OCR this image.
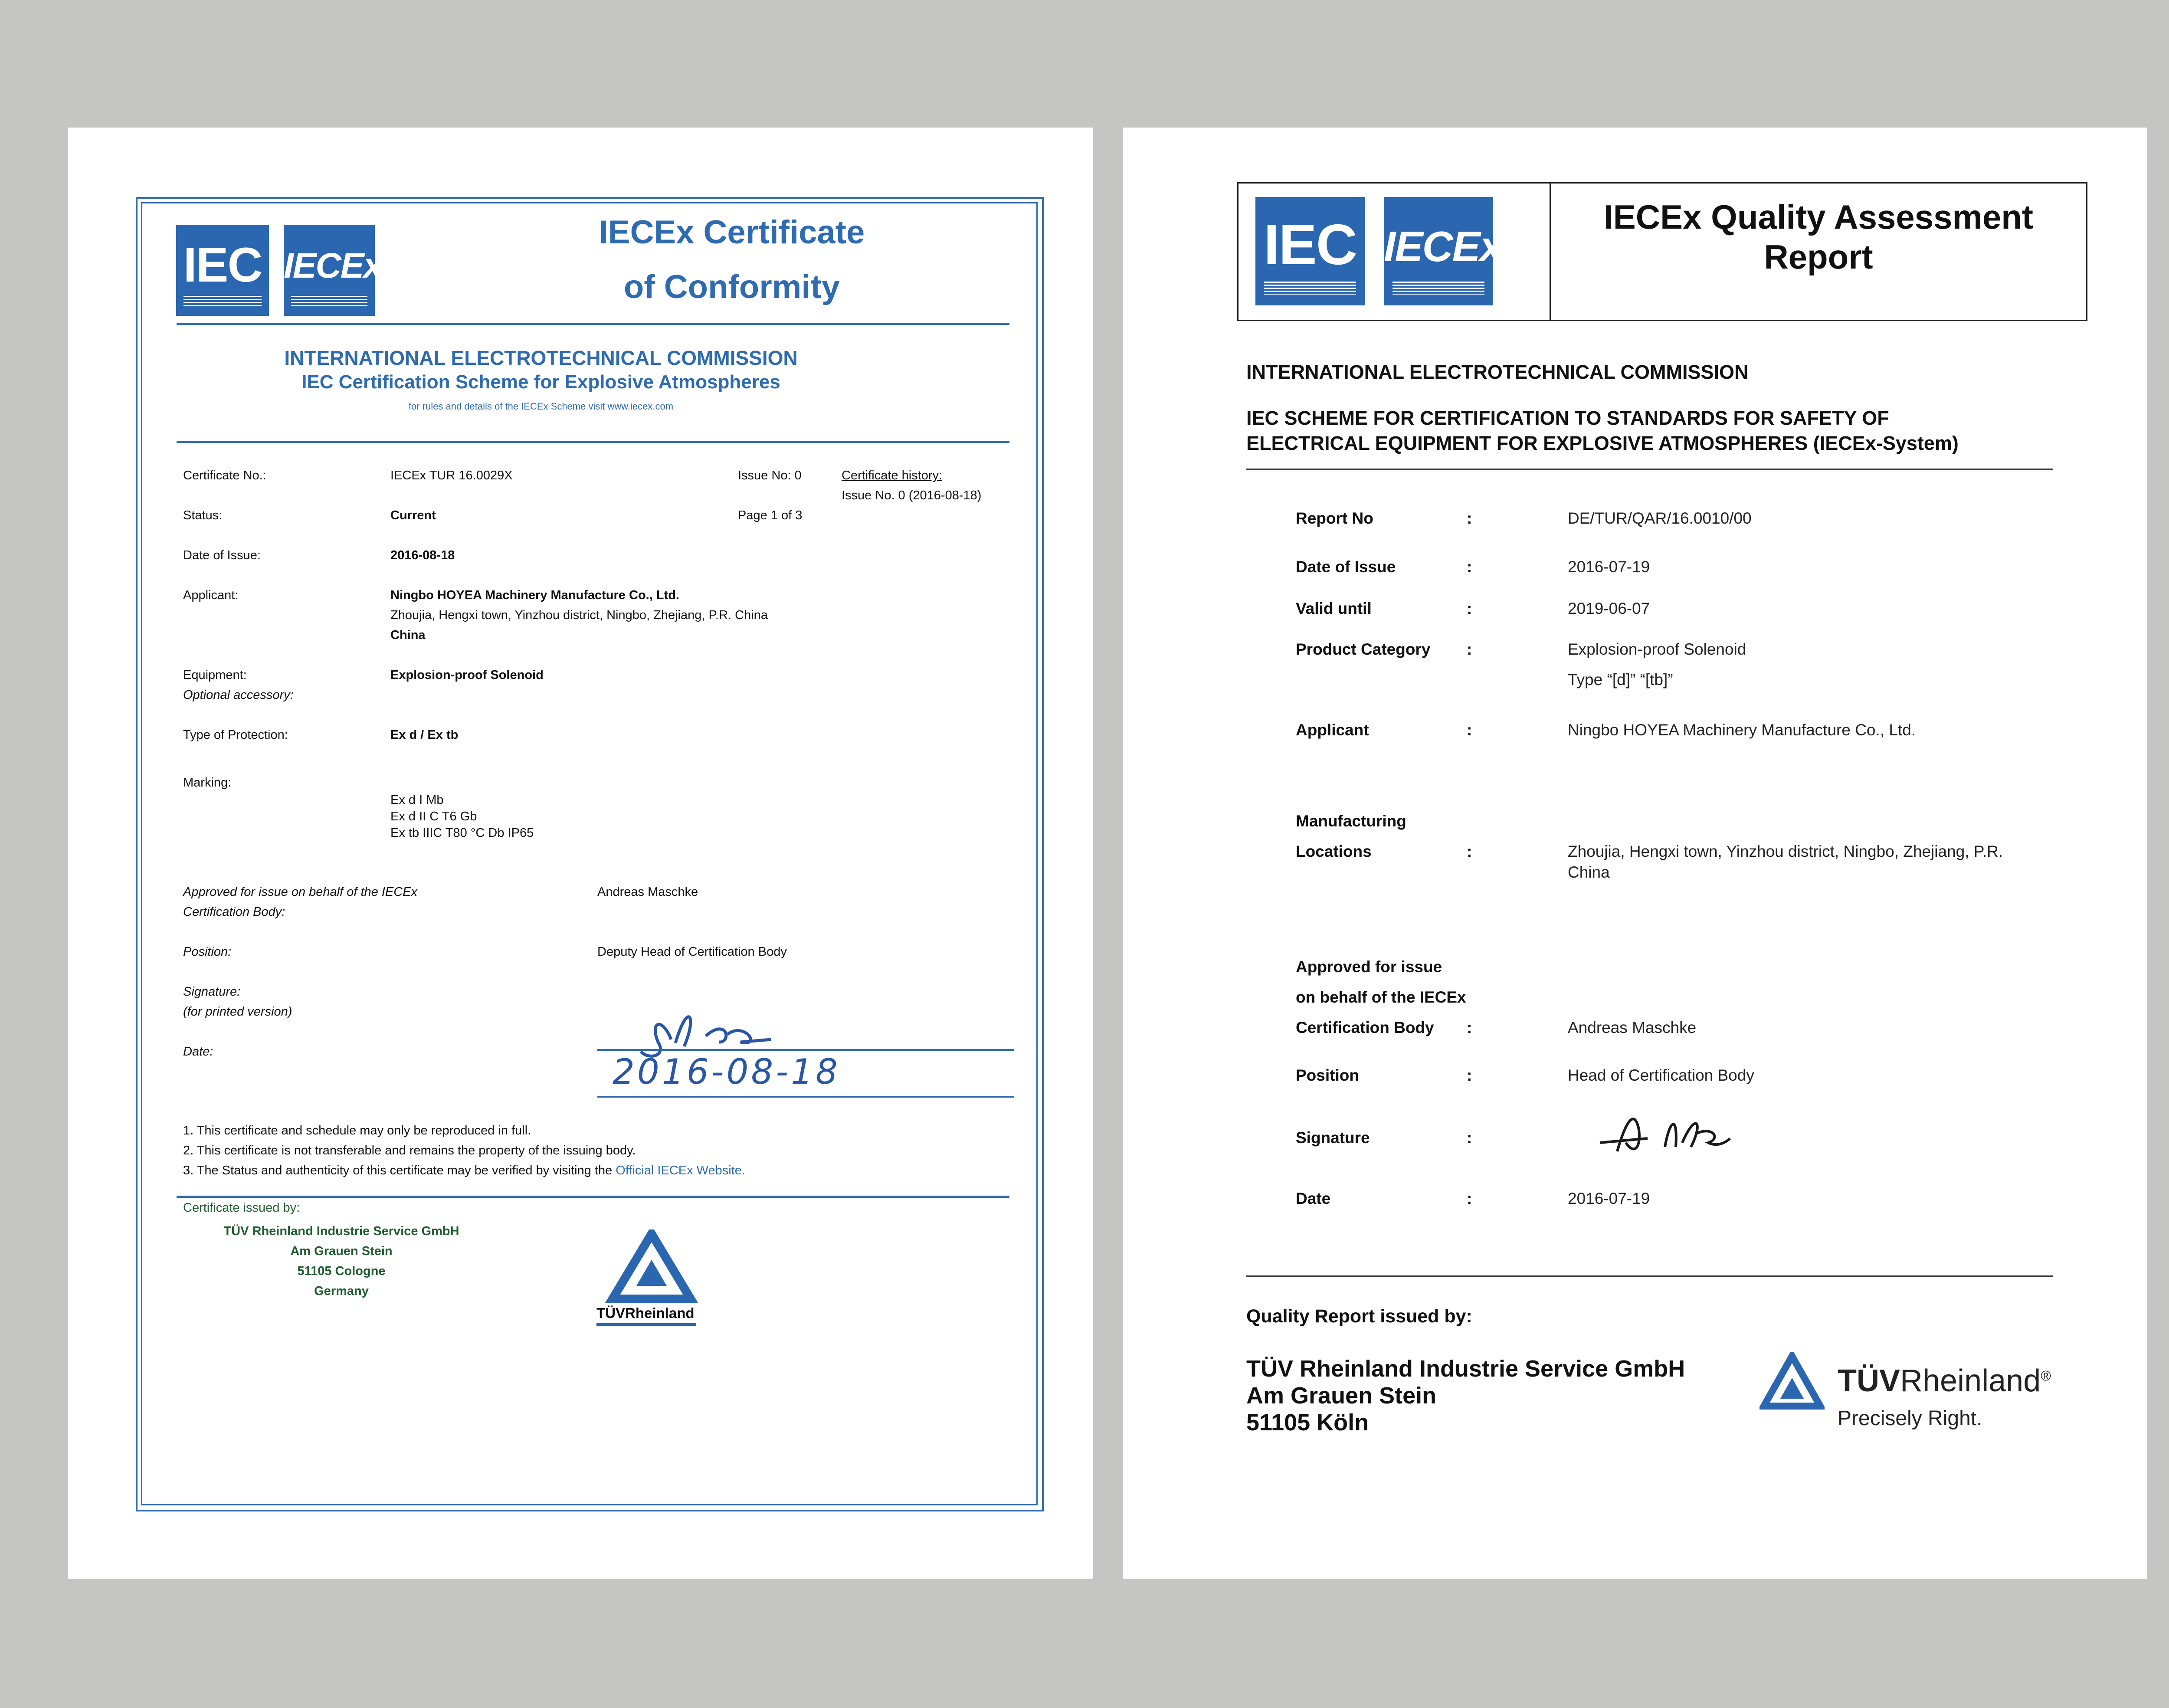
IEC IECEx
IECEx Certificate
of Conformity
INTERNATIONAL ELECTROTECHNICAL COMMISSION
IEC Certification Scheme for Explosive Atmospheres
for rules and details of the IECEx Scheme visit www.iecex.com
Certificate No.:	IECEx TUR 16.0029X	Issue No: 0	Certificate history:
Issue No. 0 (2016-08-18)
Status:	Current	Page 1 of 3
Date of Issue:	2016-08-18
Applicant:	Ningbo HOYEA Machinery Manufacture Co., Ltd.
Zhoujia, Hengxi town, Yinzhou district, Ningbo, Zhejiang, P.R. China
China
Equipment:	Explosion-proof Solenoid
Optional accessory:
Type of Protection:	Ex d / Ex tb
Marking:
Ex d I Mb
Ex d II C T6 Gb
Ex tb IIIC T80 °C Db IP65
Approved for issue on behalf of the IECEx
Certification Body:
Andreas Maschke
Position:	Deputy Head of Certification Body
Signature:
(for printed version)
Date:	2016-08-18
1. This certificate and schedule may only be reproduced in full.
2. This certificate is not transferable and remains the property of the issuing body.
3. The Status and authenticity of this certificate may be verified by visiting the Official IECEx Website.
Certificate issued by:
TÜV Rheinland Industrie Service GmbH
Am Grauen Stein
51105 Cologne
Germany
TÜVRheinland
IEC IECEx
IECEx Quality Assessment
Report
INTERNATIONAL ELECTROTECHNICAL COMMISSION
IEC SCHEME FOR CERTIFICATION TO STANDARDS FOR SAFETY OF
ELECTRICAL EQUIPMENT FOR EXPLOSIVE ATMOSPHERES (IECEx-System)
Report No	:	DE/TUR/QAR/16.0010/00
Date of Issue	:	2016-07-19
Valid until	:	2019-06-07
Product Category :	Explosion-proof Solenoid
Type “[d]” “[tb]”
Applicant	:	Ningbo HOYEA Machinery Manufacture Co., Ltd.
Manufacturing
Locations	:	Zhoujia, Hengxi town, Yinzhou district, Ningbo, Zhejiang, P.R.
China
Approved for issue
on behalf of the IECEx
Certification Body :	Andreas Maschke
Position	:	Head of Certification Body
Signature	:
Date	:	2016-07-19
Quality Report issued by:
TÜV Rheinland Industrie Service GmbH
Am Grauen Stein
51105 Köln
TÜVRheinland®
Precisely Right.
